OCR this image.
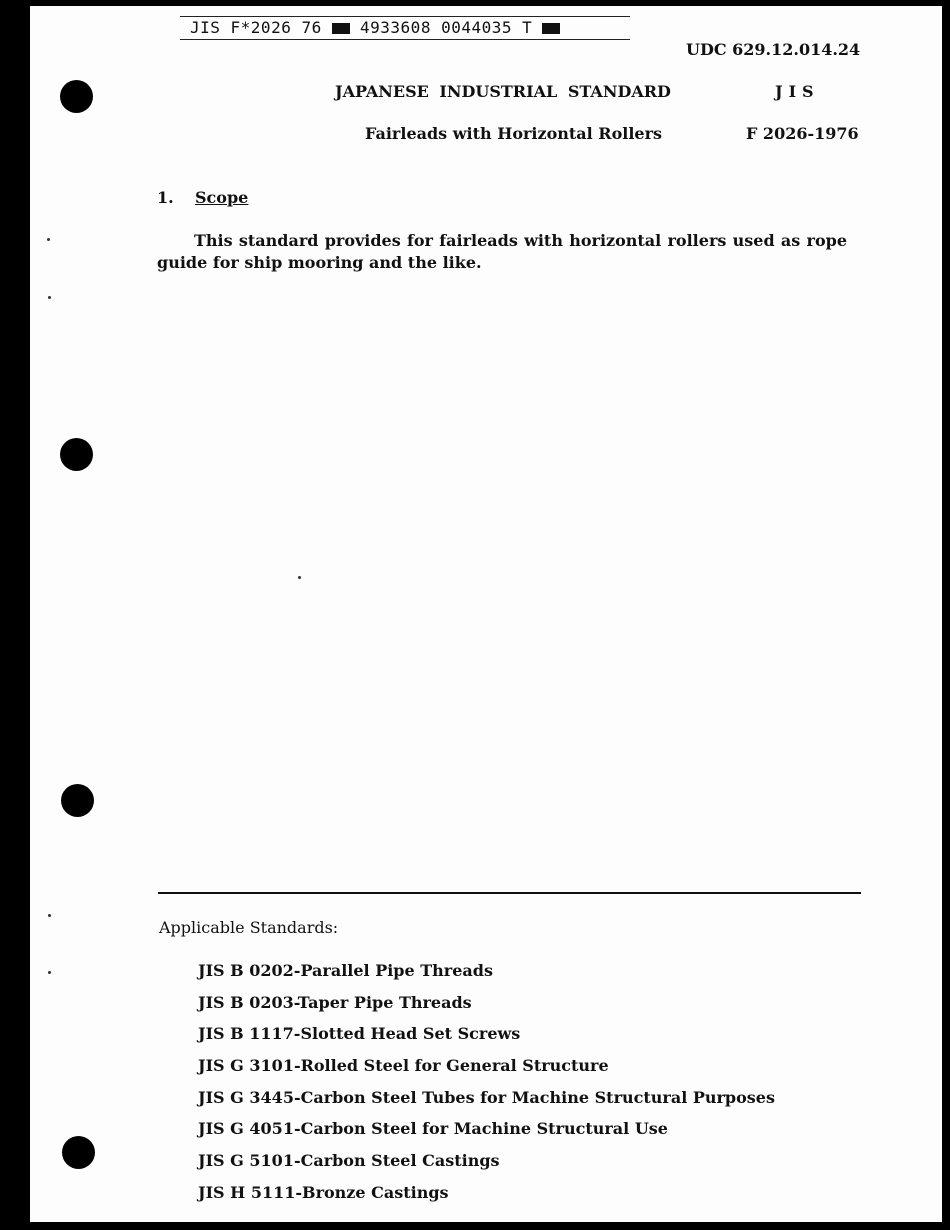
JIS F*2026 76 4933608 0044035 T
UDC 629.12.014.24
JAPANESE INDUSTRIAL STANDARD	JIS
Fairleads with Horizontal Rollers	F 2026-1976
1. Scope
This standard provides for fairleads with horizontal rollers used as rope guide for ship mooring and the like.
Applicable Standards:
JIS B 0202-Parallel Pipe Threads
JIS B 0203-Taper Pipe Threads
JIS B 1117-Slotted Head Set Screws
JIS G 3101-Rolled Steel for General Structure
JIS G 3445-Carbon Steel Tubes for Machine Structural Purposes
JIS G 4051-Carbon Steel for Machine Structural Use
JIS G 5101-Carbon Steel Castings
JIS H 5111-Bronze Castings
